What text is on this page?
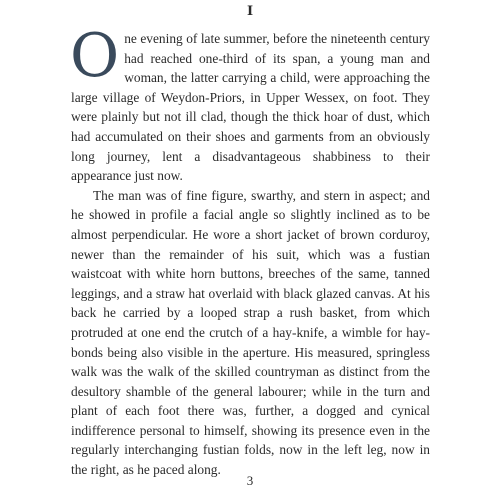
I

One evening of late summer, before the nineteenth century had reached one-third of its span, a young man and woman, the latter carrying a child, were approaching the large village of Weydon-Priors, in Upper Wessex, on foot. They were plainly but not ill clad, though the thick hoar of dust, which had accumulated on their shoes and garments from an obviously long journey, lent a disadvantageous shabbiness to their appearance just now.

The man was of fine figure, swarthy, and stern in aspect; and he showed in profile a facial angle so slightly inclined as to be almost perpendicular. He wore a short jacket of brown corduroy, newer than the remainder of his suit, which was a fustian waistcoat with white horn buttons, breeches of the same, tanned leggings, and a straw hat overlaid with black glazed canvas. At his back he carried by a looped strap a rush basket, from which protruded at one end the crutch of a hay-knife, a wimble for hay-bonds being also visible in the aperture. His measured, springless walk was the walk of the skilled countryman as distinct from the desultory shamble of the general labourer; while in the turn and plant of each foot there was, further, a dogged and cynical indifference personal to himself, showing its presence even in the regularly interchanging fustian folds, now in the left leg, now in the right, as he paced along.

3
